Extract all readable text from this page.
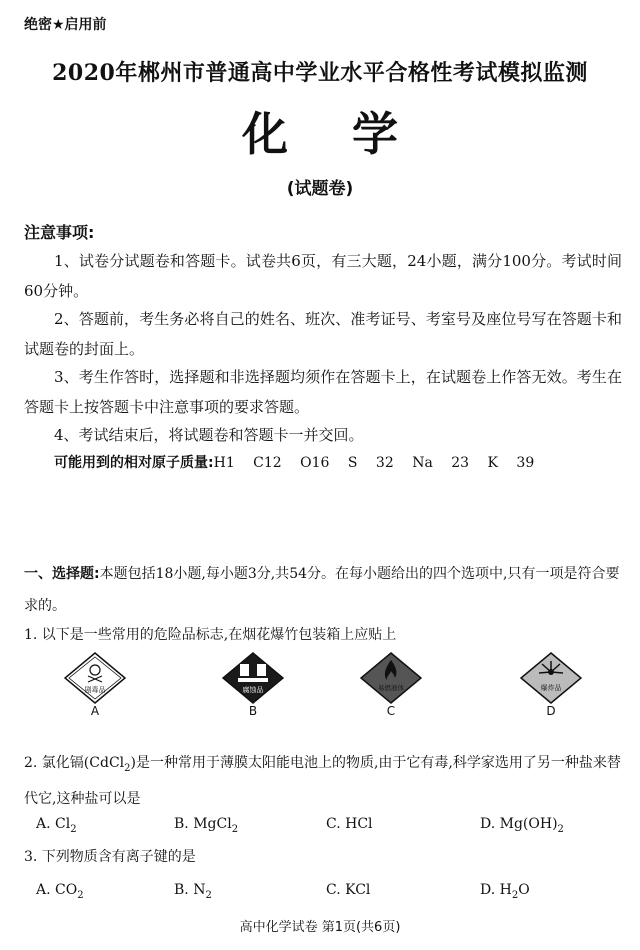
绝密★启用前
2020年郴州市普通高中学业水平合格性考试模拟监测
化学
(试题卷)
注意事项:
1、试卷分试题卷和答题卡。试卷共6页，有三大题，24小题，满分100分。考试时间60分钟。
2、答题前，考生务必将自己的姓名、班次、准考证号、考室号及座位号写在答题卡和试题卷的封面上。
3、考生作答时，选择题和非选择题均须作在答题卡上，在试题卷上作答无效。考生在答题卡上按答题卡中注意事项的要求答题。
4、考试结束后，将试题卷和答题卡一并交回。
可能用到的相对原子质量:H1 C12 O16 S 32 Na 23 K 39
一、选择题:本题包括18小题,每小题3分,共54分。在每小题给出的四个选项中,只有一项是符合要求的。
1. 以下是一些常用的危险品标志,在烟花爆竹包装箱上应贴上
剧毒品
A
腐蚀品
B
易燃液体
C
爆炸品
D
2. 氯化镉(CdCl$_2$)是一种常用于薄膜太阳能电池上的物质,由于它有毒,科学家选用了另一种盐来替代它,这种盐可以是
A. $Cl_2$	B. MgCl$_2$	C. HCl	D. $Mg(OH)_2$
3. 下列物质含有离子键的是
A. $CO_2$	B. $N_2$	C. KCl	D. $H_2O$
高中化学试卷 第1页(共6页)
